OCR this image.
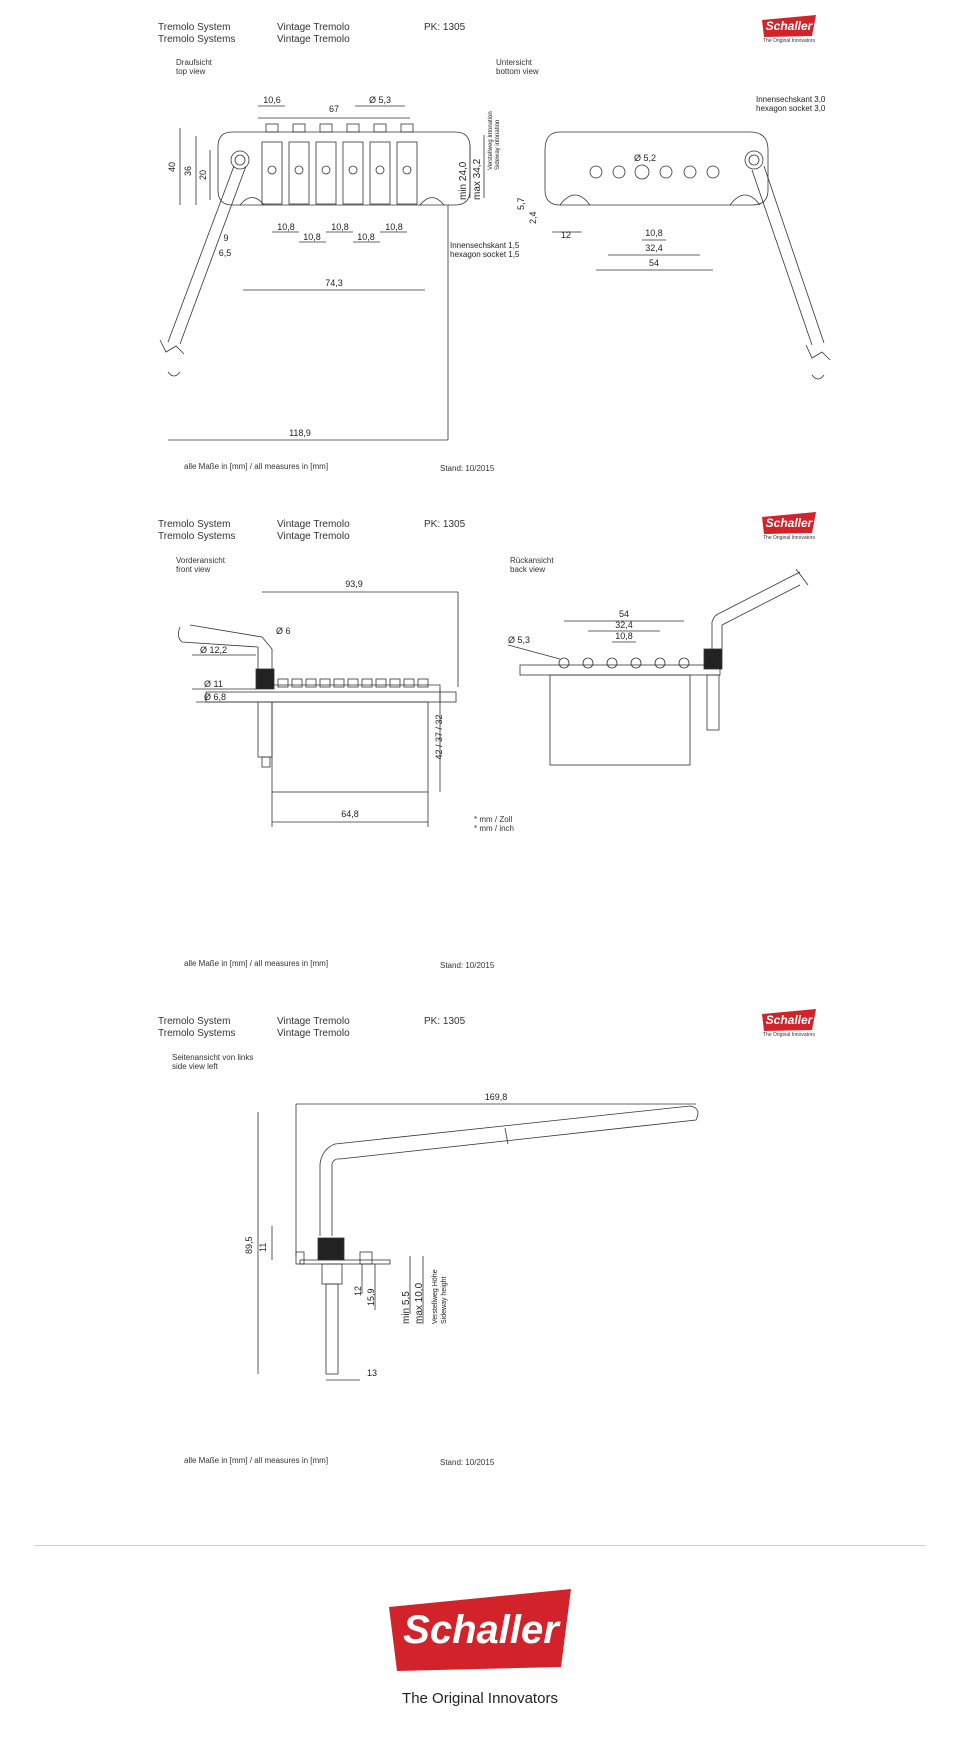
Tremolo System
Tremolo Systems
Vintage Tremolo
Vintage Tremolo
PK: 1305	Schaller
The Original Innovators
Draufsicht
top view
Untersicht
bottom view
67
10,6	Ø 5,3
40 36 20	min 24,0 max 34,2
Verstellweg Intonation Sideway intonation
10,8
10,8
10,8
10,8
10,8
9
6,5
Innensechskant 1,5
hexagon socket 1,5
74,3
118,9
Innensechskant 3,0
hexagon socket 3,0
Ø 5,2
5,7
2,4
12	10,8
32,4
54
alle Maße in [mm] / all measures in [mm]	Stand: 10/2015
Tremolo System
Tremolo Systems
Vintage Tremolo
Vintage Tremolo
PK: 1305	Schaller
The Original Innovators
Vorderansicht
front view
Rückansicht
back view
93,9
Ø 6
Ø 12,2
Ø 11
Ø 6,8
42 / 37 / 32
64,8
54
32,4
10,8
Ø 5,3
* mm / Zoll
* mm / inch
alle Maße in [mm] / all measures in [mm]	Stand: 10/2015
Tremolo System
Tremolo Systems
Vintage Tremolo
Vintage Tremolo
PK: 1305	Schaller
The Original Innovators
Seitenansicht von links
side view left
169,8
89,5 11
12 15,9	min 5,5 max 10,0 Verstellweg Höhe Sideway height
13
alle Maße in [mm] / all measures in [mm]	Stand: 10/2015
Schaller
The Original Innovators
